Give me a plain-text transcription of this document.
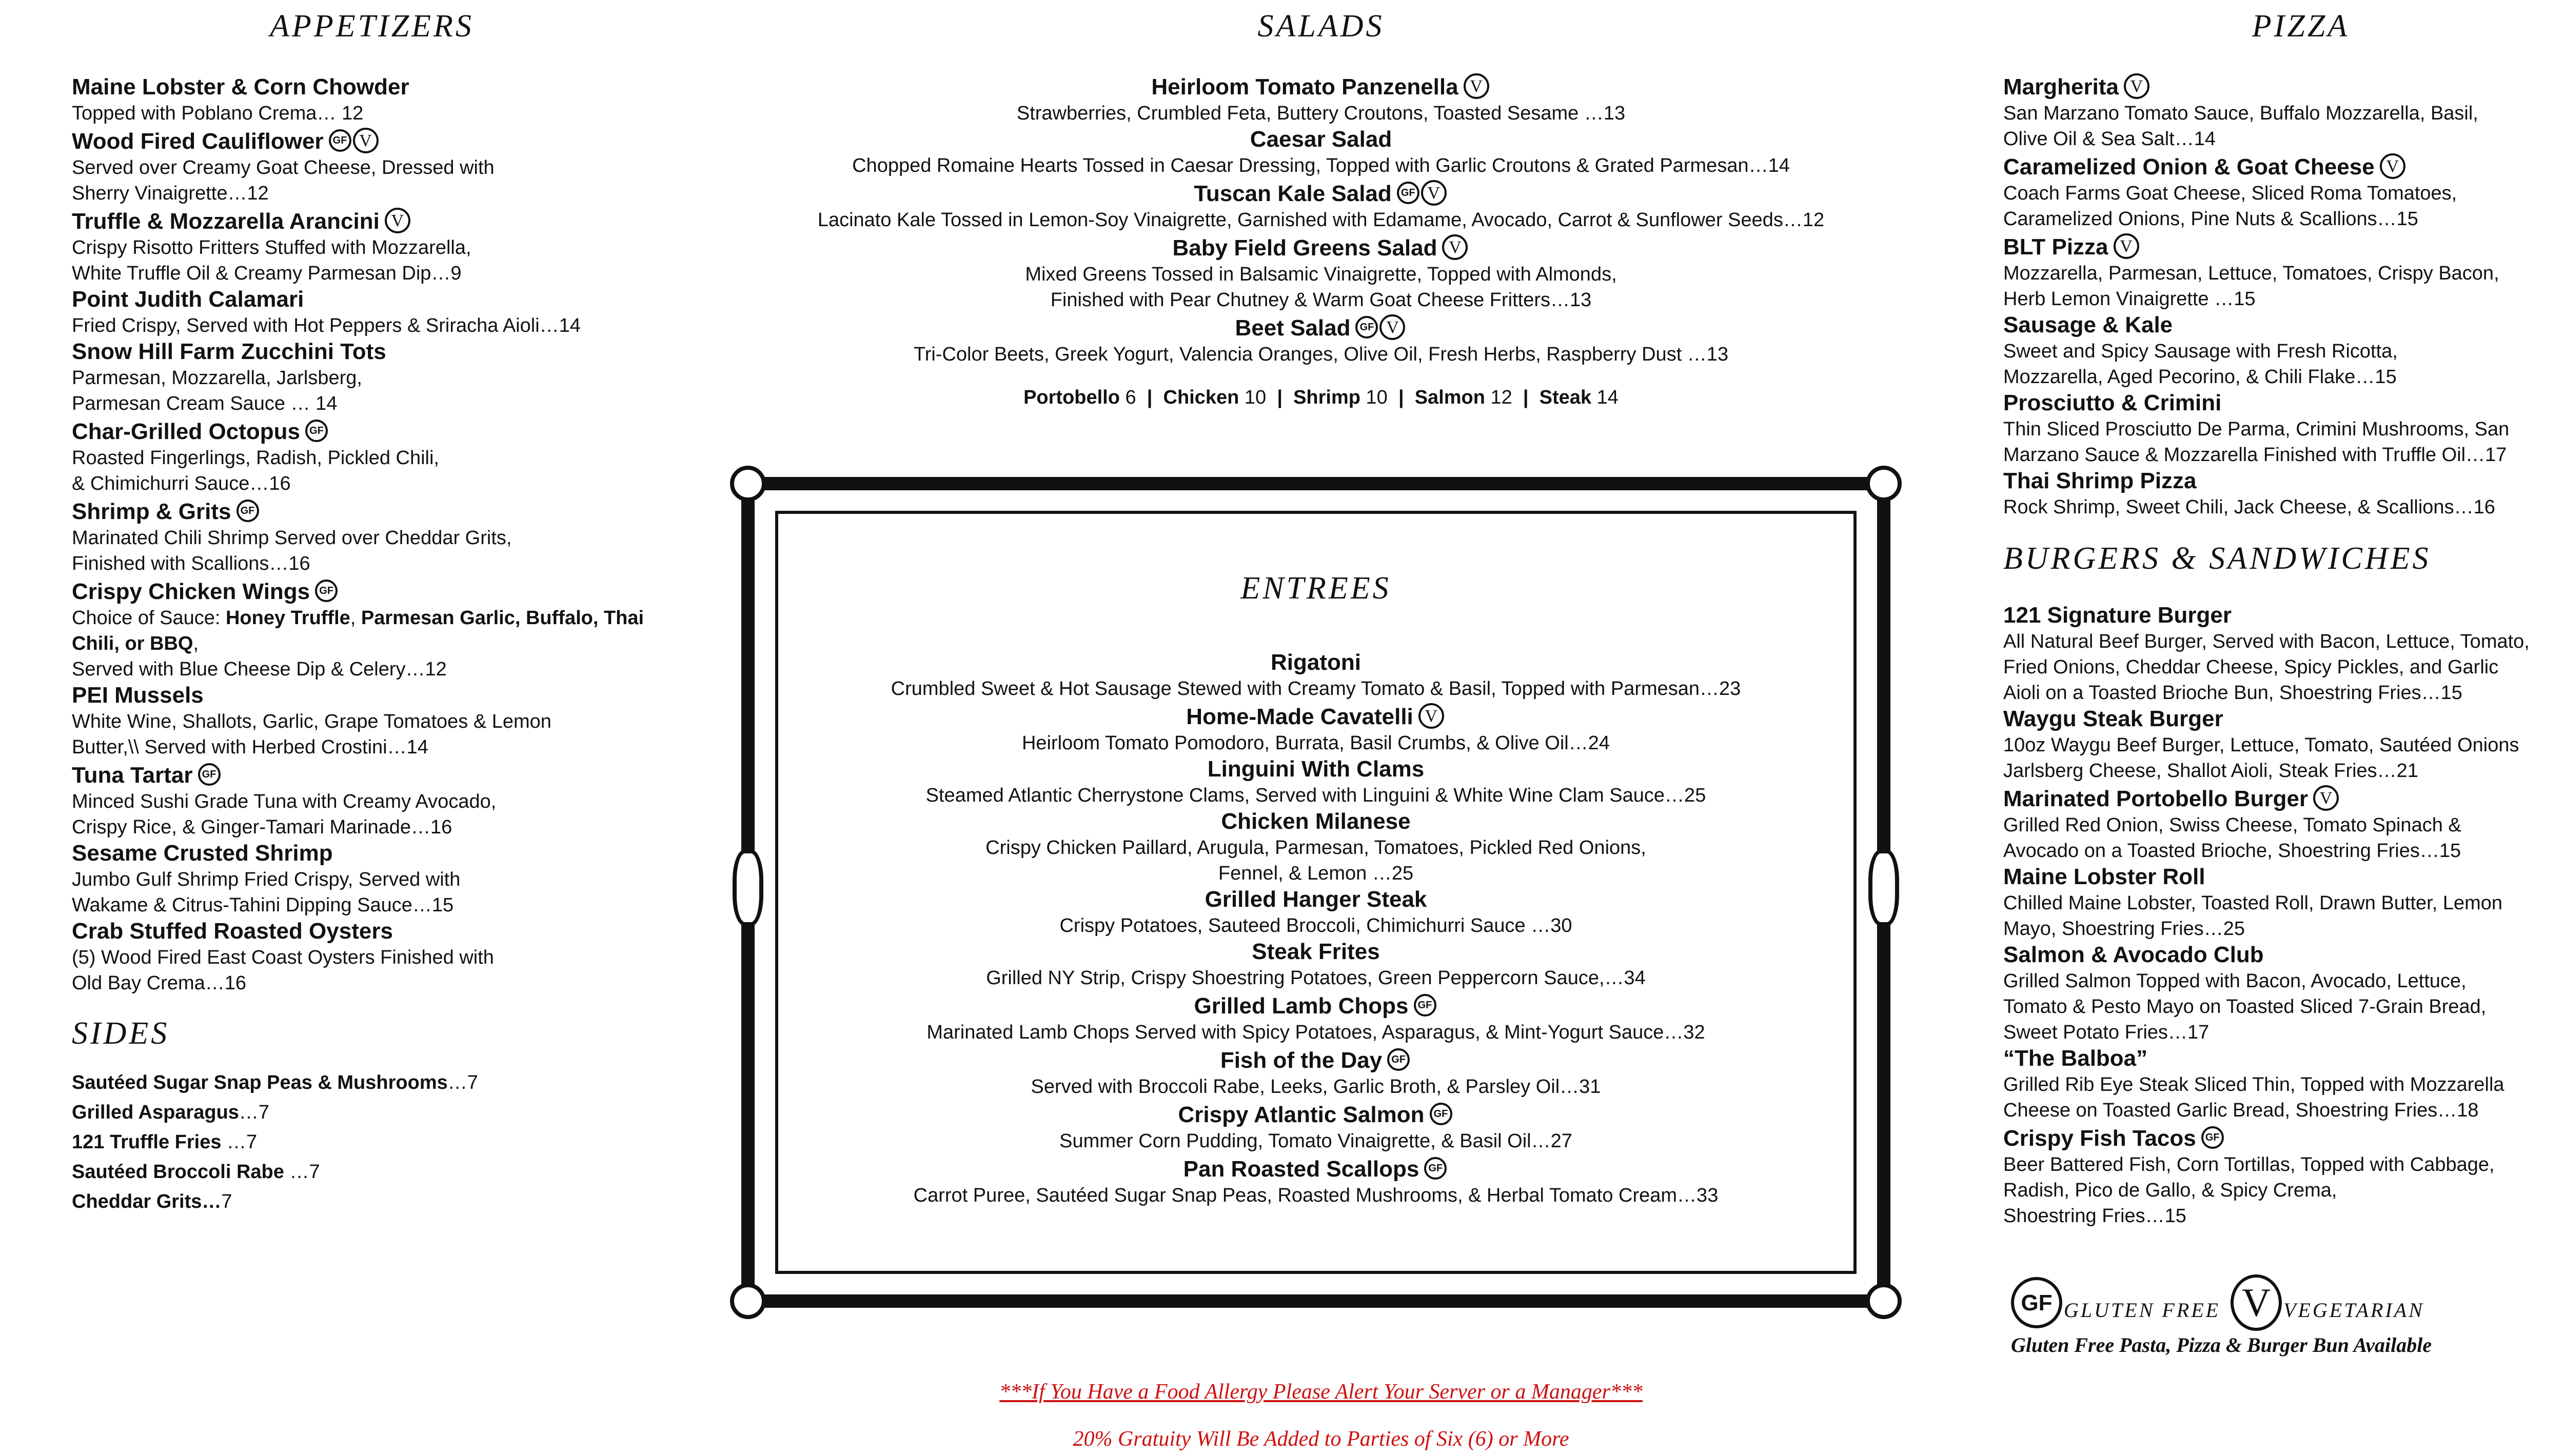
APPETIZERS
Maine Lobster & Corn Chowder
Topped with Poblano Crema… 12
Wood Fired Cauliflower GF V
Served over Creamy Goat Cheese, Dressed with
Sherry Vinaigrette…12
Truffle & Mozzarella Arancini V
Crispy Risotto Fritters Stuffed with Mozzarella,
White Truffle Oil & Creamy Parmesan Dip…9
Point Judith Calamari
Fried Crispy, Served with Hot Peppers & Sriracha Aioli…14
Snow Hill Farm Zucchini Tots
Parmesan, Mozzarella, Jarlsberg,
Parmesan Cream Sauce … 14
Char-Grilled Octopus GF
Roasted Fingerlings, Radish, Pickled Chili,
& Chimichurri Sauce…16
Shrimp & Grits GF
Marinated Chili Shrimp Served over Cheddar Grits,
Finished with Scallions…16
Crispy Chicken Wings GF
Choice of Sauce: Honey Truffle, Parmesan Garlic, Buffalo, Thai Chili, or BBQ,
Served with Blue Cheese Dip & Celery…12
PEI Mussels
White Wine, Shallots, Garlic, Grape Tomatoes & Lemon
Butter,\\ Served with Herbed Crostini…14
Tuna Tartar GF
Minced Sushi Grade Tuna with Creamy Avocado,
Crispy Rice, & Ginger-Tamari Marinade…16
Sesame Crusted Shrimp
Jumbo Gulf Shrimp Fried Crispy, Served with
Wakame & Citrus-Tahini Dipping Sauce…15
Crab Stuffed Roasted Oysters
(5) Wood Fired East Coast Oysters Finished with
Old Bay Crema…16
SIDES
Sautéed Sugar Snap Peas & Mushrooms…7
Grilled Asparagus…7
121 Truffle Fries …7
Sautéed Broccoli Rabe …7
Cheddar Grits…7
SALADS
Heirloom Tomato Panzenella V
Strawberries, Crumbled Feta, Buttery Croutons, Toasted Sesame …13
Caesar Salad
Chopped Romaine Hearts Tossed in Caesar Dressing, Topped with Garlic Croutons & Grated Parmesan…14
Tuscan Kale Salad GF V
Lacinato Kale Tossed in Lemon-Soy Vinaigrette, Garnished with Edamame, Avocado, Carrot & Sunflower Seeds…12
Baby Field Greens Salad V
Mixed Greens Tossed in Balsamic Vinaigrette, Topped with Almonds,
Finished with Pear Chutney & Warm Goat Cheese Fritters…13
Beet Salad GF V
Tri-Color Beets, Greek Yogurt, Valencia Oranges, Olive Oil, Fresh Herbs, Raspberry Dust …13
Portobello 6  |  Chicken 10  |  Shrimp 10  |  Salmon 12  |  Steak 14
ENTREES
Rigatoni
Crumbled Sweet & Hot Sausage Stewed with Creamy Tomato & Basil, Topped with Parmesan…23
Home-Made Cavatelli V
Heirloom Tomato Pomodoro, Burrata, Basil Crumbs, & Olive Oil…24
Linguini With Clams
Steamed Atlantic Cherrystone Clams, Served with Linguini & White Wine Clam Sauce…25
Chicken Milanese
Crispy Chicken Paillard, Arugula, Parmesan, Tomatoes, Pickled Red Onions,
Fennel, & Lemon …25
Grilled Hanger Steak
Crispy Potatoes, Sauteed Broccoli, Chimichurri Sauce …30
Steak Frites
Grilled NY Strip, Crispy Shoestring Potatoes, Green Peppercorn Sauce,…34
Grilled Lamb Chops GF
Marinated Lamb Chops Served with Spicy Potatoes, Asparagus, & Mint-Yogurt Sauce…32
Fish of the Day GF
Served with Broccoli Rabe, Leeks, Garlic Broth, & Parsley Oil…31
Crispy Atlantic Salmon GF
Summer Corn Pudding, Tomato Vinaigrette, & Basil Oil…27
Pan Roasted Scallops GF
Carrot Puree, Sautéed Sugar Snap Peas, Roasted Mushrooms, & Herbal Tomato Cream…33
PIZZA
Margherita V
San Marzano Tomato Sauce, Buffalo Mozzarella, Basil,
Olive Oil & Sea Salt…14
Caramelized Onion & Goat Cheese V
Coach Farms Goat Cheese, Sliced Roma Tomatoes,
Caramelized Onions, Pine Nuts & Scallions…15
BLT Pizza V
Mozzarella, Parmesan, Lettuce, Tomatoes, Crispy Bacon,
Herb Lemon Vinaigrette …15
Sausage & Kale
Sweet and Spicy Sausage with Fresh Ricotta,
Mozzarella, Aged Pecorino, & Chili Flake…15
Prosciutto & Crimini
Thin Sliced Prosciutto De Parma, Crimini Mushrooms, San
Marzano Sauce & Mozzarella Finished with Truffle Oil…17
Thai Shrimp Pizza
Rock Shrimp, Sweet Chili, Jack Cheese, & Scallions…16
BURGERS & SANDWICHES
121 Signature Burger
All Natural Beef Burger, Served with Bacon, Lettuce, Tomato,
Fried Onions, Cheddar Cheese, Spicy Pickles, and Garlic
Aioli on a Toasted Brioche Bun, Shoestring Fries…15
Waygu Steak Burger
10oz Waygu Beef Burger, Lettuce, Tomato, Sautéed Onions
Jarlsberg Cheese, Shallot Aioli, Steak Fries…21
Marinated Portobello Burger V
Grilled Red Onion, Swiss Cheese, Tomato Spinach &
Avocado on a Toasted Brioche, Shoestring Fries…15
Maine Lobster Roll
Chilled Maine Lobster, Toasted Roll, Drawn Butter, Lemon
Mayo, Shoestring Fries…25
Salmon & Avocado Club
Grilled Salmon Topped with Bacon, Avocado, Lettuce,
Tomato & Pesto Mayo on Toasted Sliced 7-Grain Bread,
Sweet Potato Fries…17
“The Balboa”
Grilled Rib Eye Steak Sliced Thin, Topped with Mozzarella
Cheese on Toasted Garlic Bread, Shoestring Fries…18
Crispy Fish Tacos GF
Beer Battered Fish, Corn Tortillas, Topped with Cabbage,
Radish, Pico de Gallo, & Spicy Crema,
Shoestring Fries…15
GF GLUTEN FREE V VEGETARIAN
Gluten Free Pasta, Pizza & Burger Bun Available
***If You Have a Food Allergy Please Alert Your Server or a Manager***
20% Gratuity Will Be Added to Parties of Six (6) or More
